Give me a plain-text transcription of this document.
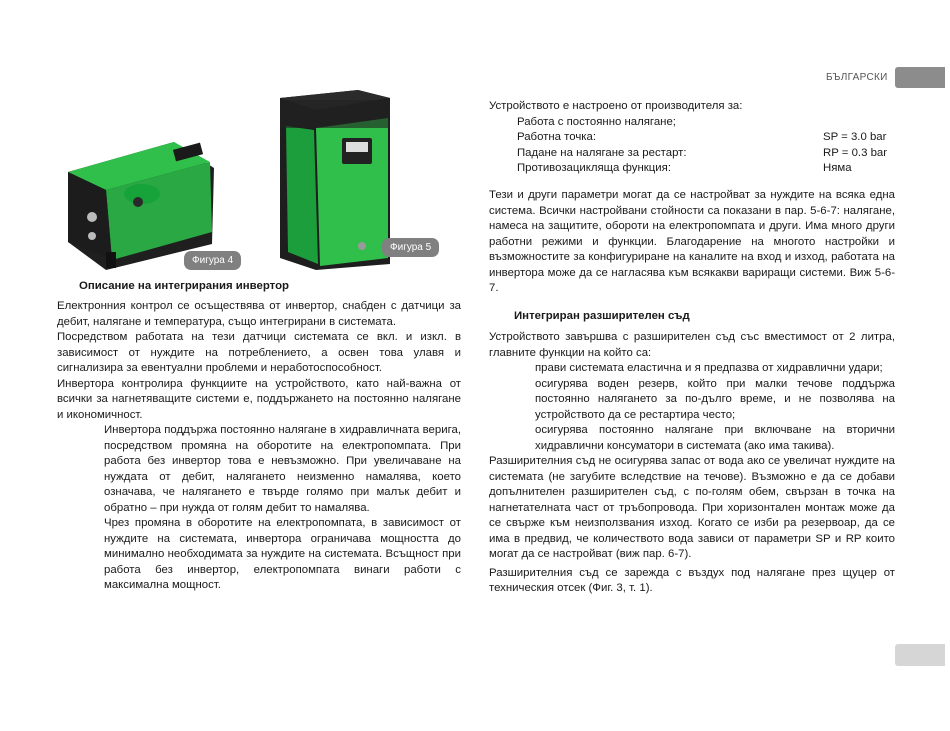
БЪЛГАРСКИ
Фигура 4
Фигура 5
Описание на интегрирания инвертор

Електронния контрол се осъществява от инвертор, снабден с датчици за дебит, налягане и температура, също интегрирани в системата.

Посредством работата на тези датчици системата се вкл. и изкл. в зависимост от нуждите на потреблението, а освен това улавя и сигнализира за евентуални проблеми и неработоспособност.

Инвертора контролира функциите на устройството, като най-важна от всички за нагнетяващите системи е, поддържането на постоянно налягане и икономичност.

Инвертора поддържа постоянно налягане в хидравличната верига, посредством промяна на оборотите на електропомпата. При работа без инвертор това е невъзможно. При увеличаване на нуждата от дебит, налягането неизменно намалява, което означава, че налягането е твърде голямо при малък дебит и обратно – при нужда от голям дебит то намалява.

Чрез промяна в оборотите на електропомпата, в зависимост от нуждите на системата, инвертора ограничава мощността до минимално необходимата за нуждите на системата. Всъщност при работа без инвертор, електропомпата винаги работи с максимална мощност.

Устройството е настроено от производителя за:

Работа с постоянно налягане;
Работна точка:	SP = 3.0 bar
Падане на налягане за рестарт:	RP = 0.3 bar
Противозацикляща функция:	Няма
Тези и други параметри могат да се настройват за нуждите на всяка една система. Всички настройвани стойности са показани в пар. 5-6-7: налягане, намеса на защитите, обороти на електропомпата и други. Има много други работни режими и функции. Благодарение на многото настройки и възможностите за конфигуриране на каналите на вход и изход, работата на инвертора може да се нагласява към всякакви вариращи системи. Виж 5-6-7.
Интегриран разширителен съд

Устройството завършва с разширителен съд със вместимост от 2 литра, главните функции на който са:

прави системата еластична и я предпазва от хидравлични удари;

осигурява воден резерв, който при малки течове поддържа постоянно налягането за по-дълго време, и не позволява на устройството да се рестартира често;

осигурява постоянно налягане при включване на вторични хидравлични консуматори в системата (ако има такива).

Разширителния съд не осигурява запас от вода ако се увеличат нуждите на системата (не загубите вследствие на течове). Възможно е да се добави допълнителен разширителен съд, с по-голям обем, свързан в точка на нагнетателната част от тръбопровода. При хоризонтален монтаж може да се свърже към неизползвания изход. Когато се изби ра резервоар, да се има в предвид, че количеството вода зависи от параметри SP и RP които могат да се настройват (виж пар. 6-7).

Разширителния съд се зарежда с въздух под налягане през щуцер от техническия отсек (Фиг. 3, т. 1).
